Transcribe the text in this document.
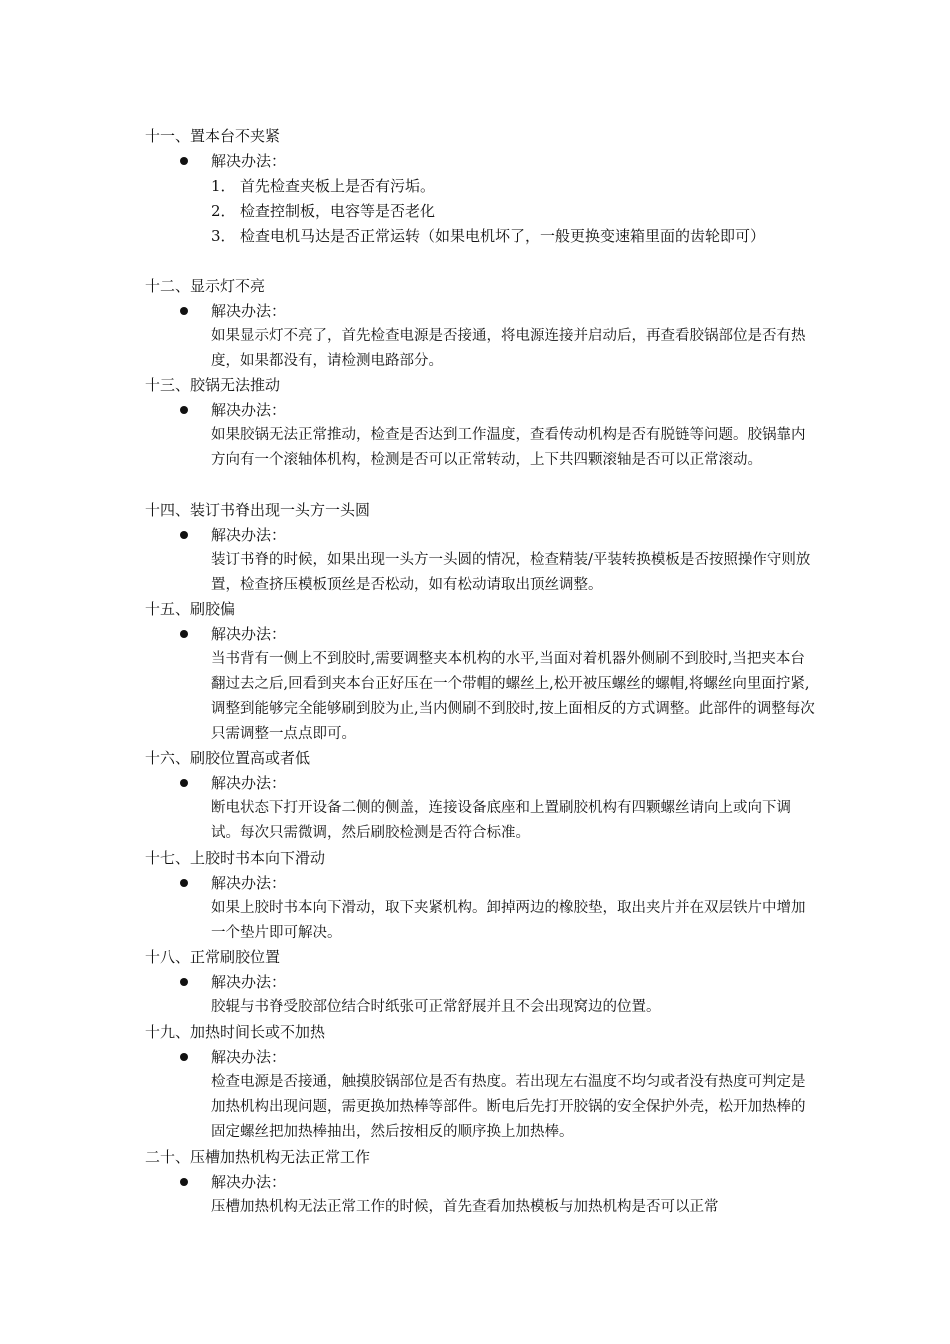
十一、置本台不夹紧
解决办法：
1． 首先检查夹板上是否有污垢。
2． 检查控制板，电容等是否老化
3． 检查电机马达是否正常运转（如果电机坏了，一般更换变速箱里面的齿轮即可）
十二、显示灯不亮
解决办法：
如果显示灯不亮了，首先检查电源是否接通，将电源连接并启动后，再查看胶锅部位是否有热度，如果都没有，请检测电路部分。
十三、胶锅无法推动
解决办法：
如果胶锅无法正常推动，检查是否达到工作温度，查看传动机构是否有脱链等问题。胶锅靠内方向有一个滚轴体机构，检测是否可以正常转动，上下共四颗滚轴是否可以正常滚动。
十四、装订书脊出现一头方一头圆
解决办法：
装订书脊的时候，如果出现一头方一头圆的情况，检查精装/平装转换模板是否按照操作守则放置，检查挤压模板顶丝是否松动，如有松动请取出顶丝调整。
十五、刷胶偏
解决办法：
当书背有一侧上不到胶时,需要调整夹本机构的水平,当面对着机器外侧刷不到胶时,当把夹本台翻过去之后,回看到夹本台正好压在一个带帽的螺丝上,松开被压螺丝的螺帽,将螺丝向里面拧紧,调整到能够完全能够刷到胶为止,当内侧刷不到胶时,按上面相反的方式调整。此部件的调整每次只需调整一点点即可。
十六、刷胶位置高或者低
解决办法：
断电状态下打开设备二侧的侧盖，连接设备底座和上置刷胶机构有四颗螺丝请向上或向下调试。每次只需微调，然后刷胶检测是否符合标准。
十七、上胶时书本向下滑动
解决办法：
如果上胶时书本向下滑动，取下夹紧机构。卸掉两边的橡胶垫，取出夹片并在双层铁片中增加一个垫片即可解决。
十八、正常刷胶位置
解决办法：
胶辊与书脊受胶部位结合时纸张可正常舒展并且不会出现窝边的位置。
十九、加热时间长或不加热
解决办法：
检查电源是否接通，触摸胶锅部位是否有热度。若出现左右温度不均匀或者没有热度可判定是加热机构出现问题，需更换加热棒等部件。断电后先打开胶锅的安全保护外壳，松开加热棒的固定螺丝把加热棒抽出，然后按相反的顺序换上加热棒。
二十、压槽加热机构无法正常工作
解决办法：
压槽加热机构无法正常工作的时候，首先查看加热模板与加热机构是否可以正常
